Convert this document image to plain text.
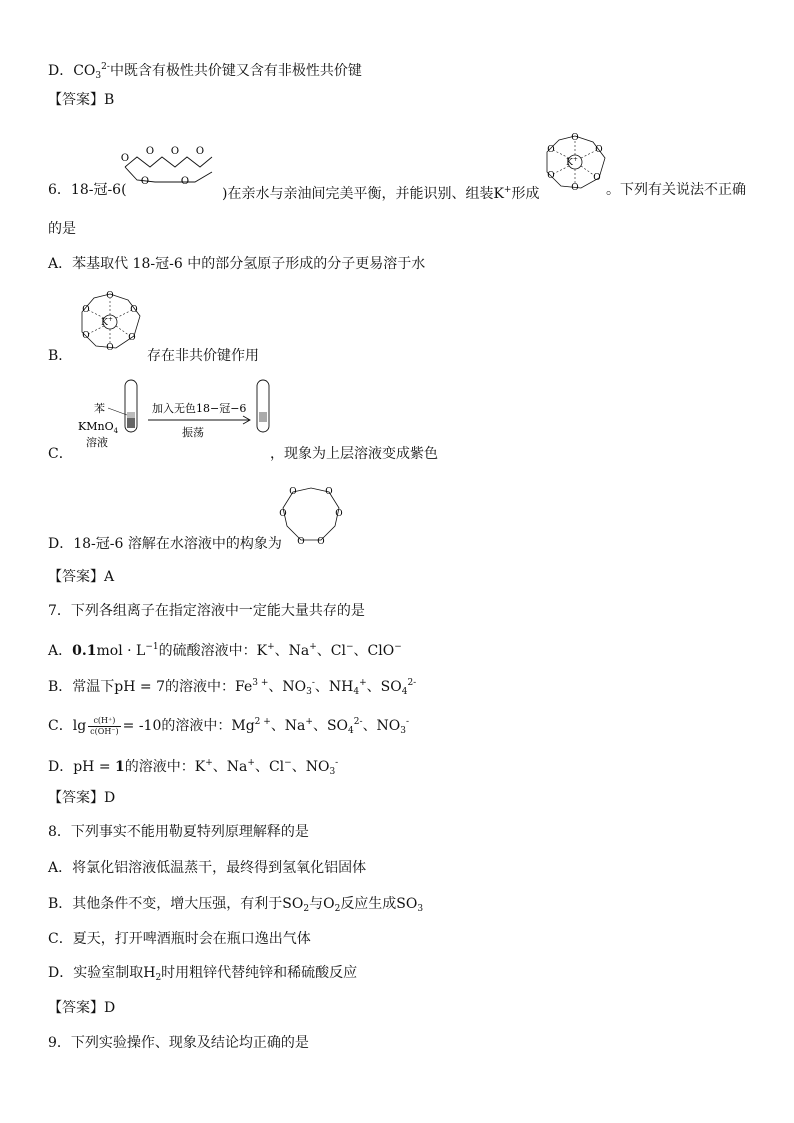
D．$CO_3^{2-}$中既含有极性共价键又含有非极性共价键
【答案】B
6．18-冠-6(
O
O O O
O	O
)在亲水与亲油间完美平衡，并能识别、组装K+形成
K+
O
O
O
O
O
O
。下列有关说法不正确
的是
A．苯基取代 18-冠-6 中的部分氢原子形成的分子更易溶于水
K+
O
O
O
O
O
O
B．	存在非共价键作用
苯
KMnO$_4$
溶液
加入无色18−冠−6
振荡
C．	，现象为上层溶液变成紫色
O	O
O	O
O O
D．18-冠-6 溶解在水溶液中的构象为
【答案】A
7．下列各组离子在指定溶液中一定能大量共存的是
A．$0.1mol \cdot L^{-1}$的硫酸溶液中：K+、Na+、Cl−、ClO−
B．常温下pH = 7的溶液中：$Fe^{3 +}$、$NO_3^-$、$NH_4^+$、$SO_4^{2-}$
C．$\lg \frac{c(H^+)}{c(OH^-)} = -10$的溶液中：$Mg^{2 +}$、Na+、$SO_4^{2-}$、$NO_3^-$
D．pH = 1的溶液中：K+、Na+、Cl−、$NO_3^-$
【答案】D
8．下列事实不能用勒夏特列原理解释的是
A．将氯化铝溶液低温蒸干，最终得到氢氧化铝固体
B．其他条件不变，增大压强，有利于$SO_2$与$O_2$反应生成$SO_3$
C．夏天，打开啤酒瓶时会在瓶口逸出气体
D．实验室制取$H_2$时用粗锌代替纯锌和稀硫酸反应
【答案】D
9．下列实验操作、现象及结论均正确的是
